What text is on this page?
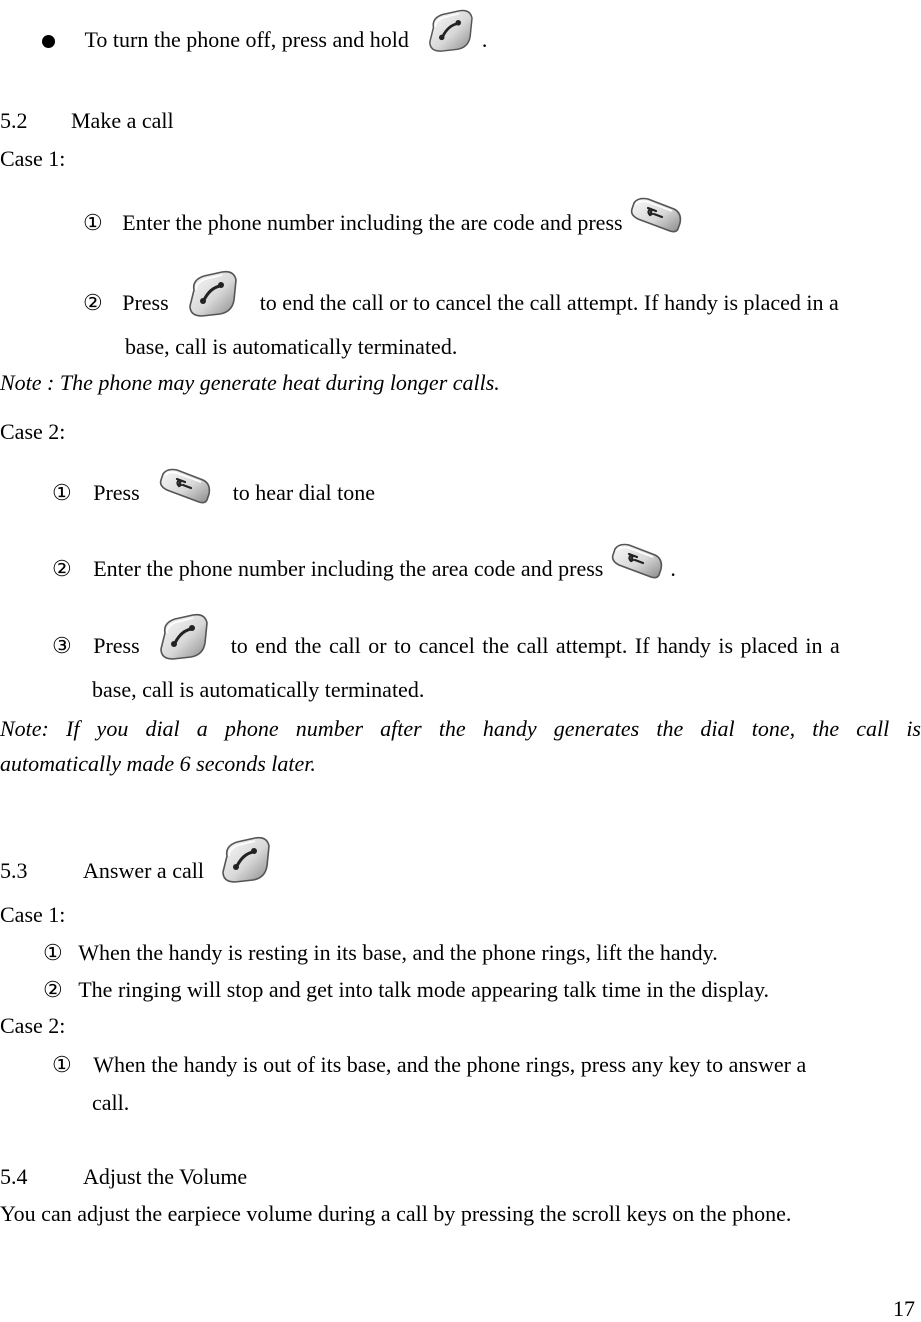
To turn the phone off, press and hold	.
5.2 Make a call
Case 1:
① Enter the phone number including the are code and press
② Press	to end the call or to cancel the call attempt. If handy is placed in a
base, call is automatically terminated.
Note : The phone may generate heat during longer calls.
Case 2:
① Press	to hear dial tone
② Enter the phone number including the area code and press	.
③ Press	to end the call or to cancel the call attempt. If handy is placed in a
base, call is automatically terminated.
Note: If you dial a phone number after the handy generates the dial tone, the call is
automatically made 6 seconds later.
5.3	Answer a call
Case 1:
① When the handy is resting in its base, and the phone rings, lift the handy.
② The ringing will stop and get into talk mode appearing talk time in the display.
Case 2:
① When the handy is out of its base, and the phone rings, press any key to answer a
call.
5.4	Adjust the Volume
You can adjust the earpiece volume during a call by pressing the scroll keys on the phone.
17
